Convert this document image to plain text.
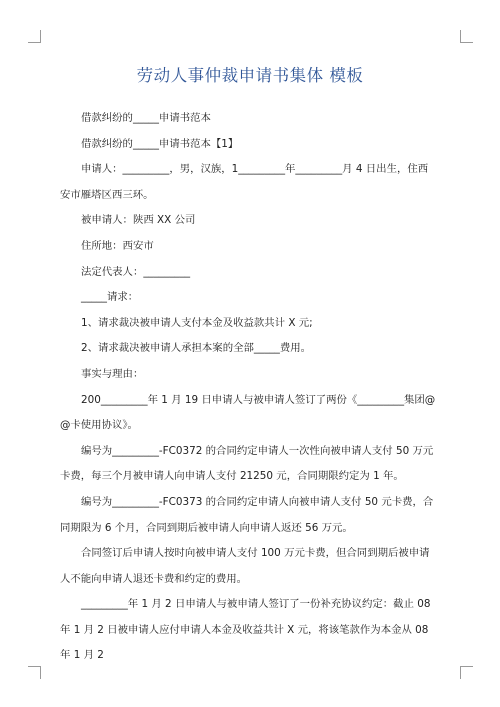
劳动人事仲裁申请书集体 模板

借款纠纷的_____申请书范本

借款纠纷的_____申请书范本【1】

申请人：_________，男，汉族，1_________年_________月 4 日出生，住西安市雁塔区西三环。

被申请人：陕西 XX 公司

住所地：西安市

法定代表人：_________

_____请求：

1、请求裁决被申请人支付本金及收益款共计 X 元;

2、请求裁决被申请人承担本案的全部_____费用。

事实与理由：

200_________年 1 月 19 日申请人与被申请人签订了两份《_________集团@@卡使用协议》。

编号为_________-FC0372 的合同约定申请人一次性向被申请人支付 50 万元卡费，每三个月被申请人向申请人支付 21250 元，合同期限约定为 1 年。

编号为_________-FC0373 的合同约定申请人向被申请人支付 50 元卡费，合同期限为 6 个月，合同到期后被申请人向申请人返还 56 万元。

合同签订后申请人按时向被申请人支付 100 万元卡费，但合同到期后被申请人不能向申请人退还卡费和约定的费用。

_________年 1 月 2 日申请人与被申请人签订了一份补充协议约定：截止 08 年 1 月 2 日被申请人应付申请人本金及收益共计 X 元，将该笔款作为本金从 08 年 1 月 2
